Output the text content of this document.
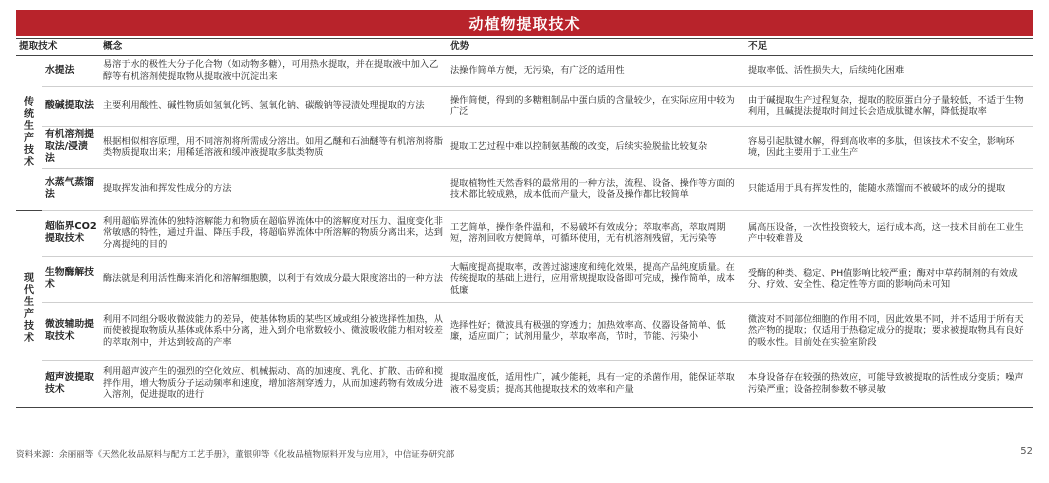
动植物提取技术
提取技术		概念	优势	不足

传统生产技术	水提法	易溶于水的极性大分子化合物（如动物多糖），可用热水提取，并在提取液中加入乙醇等有机溶剂使提取物从提取液中沉淀出来	法操作简单方便，无污染，有广泛的适用性	提取率低、活性损失大，后续纯化困难
	酸碱提取法	主要利用酸性、碱性物质如氢氧化钙、氢氧化钠、碳酸钠等浸渍处理提取的方法	操作简便，得到的多糖粗制品中蛋白质的含量较少，在实际应用中较为广泛	由于碱提取生产过程复杂，提取的胶原蛋白分子量较低，不适于生物利用，且碱提法提取时间过长会造成肽键水解，降低提取率
	有机溶剂提取法/浸渍法	根据相似相容原理，用不同溶剂将所需成分溶出。如用乙醚和石油醚等有机溶剂将脂类物质提取出来；用稀延溶液和缓冲液提取多肽类物质	提取工艺过程中难以控制氨基酸的改变，后续实验脱盐比较复杂	容易引起肽键水解，得到高收率的多肽，但该技术不安全，影响环境，因此主要用于工业生产
	水蒸气蒸馏法	提取挥发油和挥发性成分的方法	提取植物性天然香料的最常用的一种方法，流程、设备、操作等方面的技术都比较成熟，成本低而产量大，设备及操作都比较简单	只能适用于具有挥发性的，能随水蒸馏而不被破坏的成分的提取

现代生产技术	超临界CO2提取技术	利用超临界流体的独特溶解能力和物质在超临界流体中的溶解度对压力、温度变化非常敏感的特性，通过升温、降压手段，将超临界流体中所溶解的物质分离出来，达到分离提纯的目的	工艺简单，操作条件温和，不易破坏有效成分；萃取率高，萃取周期短，溶剂回收方便简单，可循环使用，无有机溶剂残留，无污染等	属高压设备，一次性投资较大，运行成本高，这一技术目前在工业生产中较难普及
	生物酶解技术	酶法就是利用活性酶来消化和溶解细胞膜，以利于有效成分最大限度溶出的一种方法	大幅度提高提取率，改善过滤速度和纯化效果，提高产品纯度质量。在传统提取的基础上进行，应用常规提取设备即可完成，操作简单，成本低廉	受酶的种类、稳定、PH值影响比较严重；酶对中草药制剂的有效成分、疗效、安全性、稳定性等方面的影响尚未可知
	微波辅助提取技术	利用不同组分吸收微波能力的差异，使基体物质的某些区域或组分被选择性加热，从而使被提取物质从基体或体系中分离，进入到介电常数较小、微波吸收能力相对较差的萃取剂中，并达到较高的产率	选择性好；微波具有极强的穿透力；加热效率高、仪器设备简单、低廉，适应面广；试剂用量少，萃取率高，节时，节能、污染小	微波对不同部位细胞的作用不同，因此效果不同，并不适用于所有天然产物的提取；仅适用于热稳定成分的提取；要求被提取物具有良好的吸水性。目前处在实验室阶段
	超声波提取技术	利用超声波产生的强烈的空化效应、机械振动、高的加速度、乳化、扩散、击碎和搅拌作用，增大物质分子运动频率和速度，增加溶剂穿透力，从而加速药物有效成分进入溶剂，促进提取的进行	提取温度低，适用性广，减少能耗，具有一定的杀菌作用，能保证萃取液不易变质；提高其他提取技术的效率和产量	本身设备存在较强的热效应，可能导致被提取的活性成分变质；噪声污染严重；设备控制参数不够灵敏
资料来源：余丽丽等《天然化妆品原料与配方工艺手册》，董银卯等《化妆品植物原料开发与应用》，中信证券研究部	52
